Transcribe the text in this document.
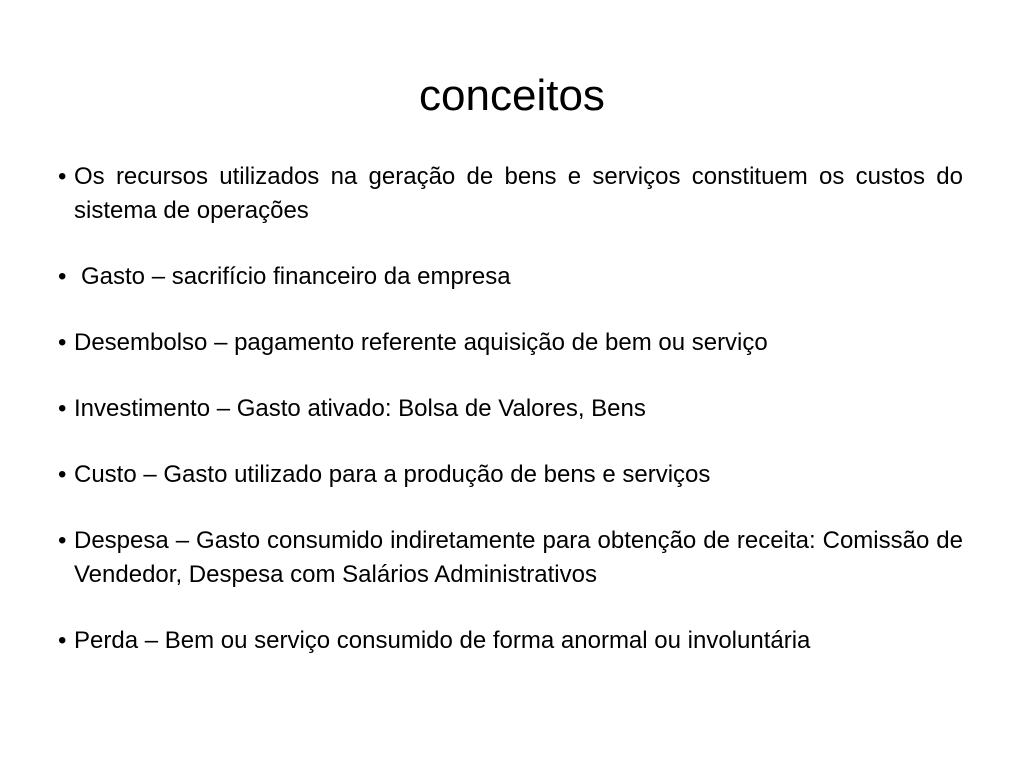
conceitos
• Os recursos utilizados na geração de bens e serviços constituem os custos do sistema de operações
• Gasto – sacrifício financeiro da empresa
• Desembolso – pagamento referente aquisição de bem ou serviço
• Investimento – Gasto ativado: Bolsa de Valores, Bens
• Custo – Gasto utilizado para a produção de bens e serviços
• Despesa – Gasto consumido indiretamente para obtenção de receita: Comissão de Vendedor, Despesa com Salários Administrativos
• Perda – Bem ou serviço consumido de forma anormal ou involuntária
